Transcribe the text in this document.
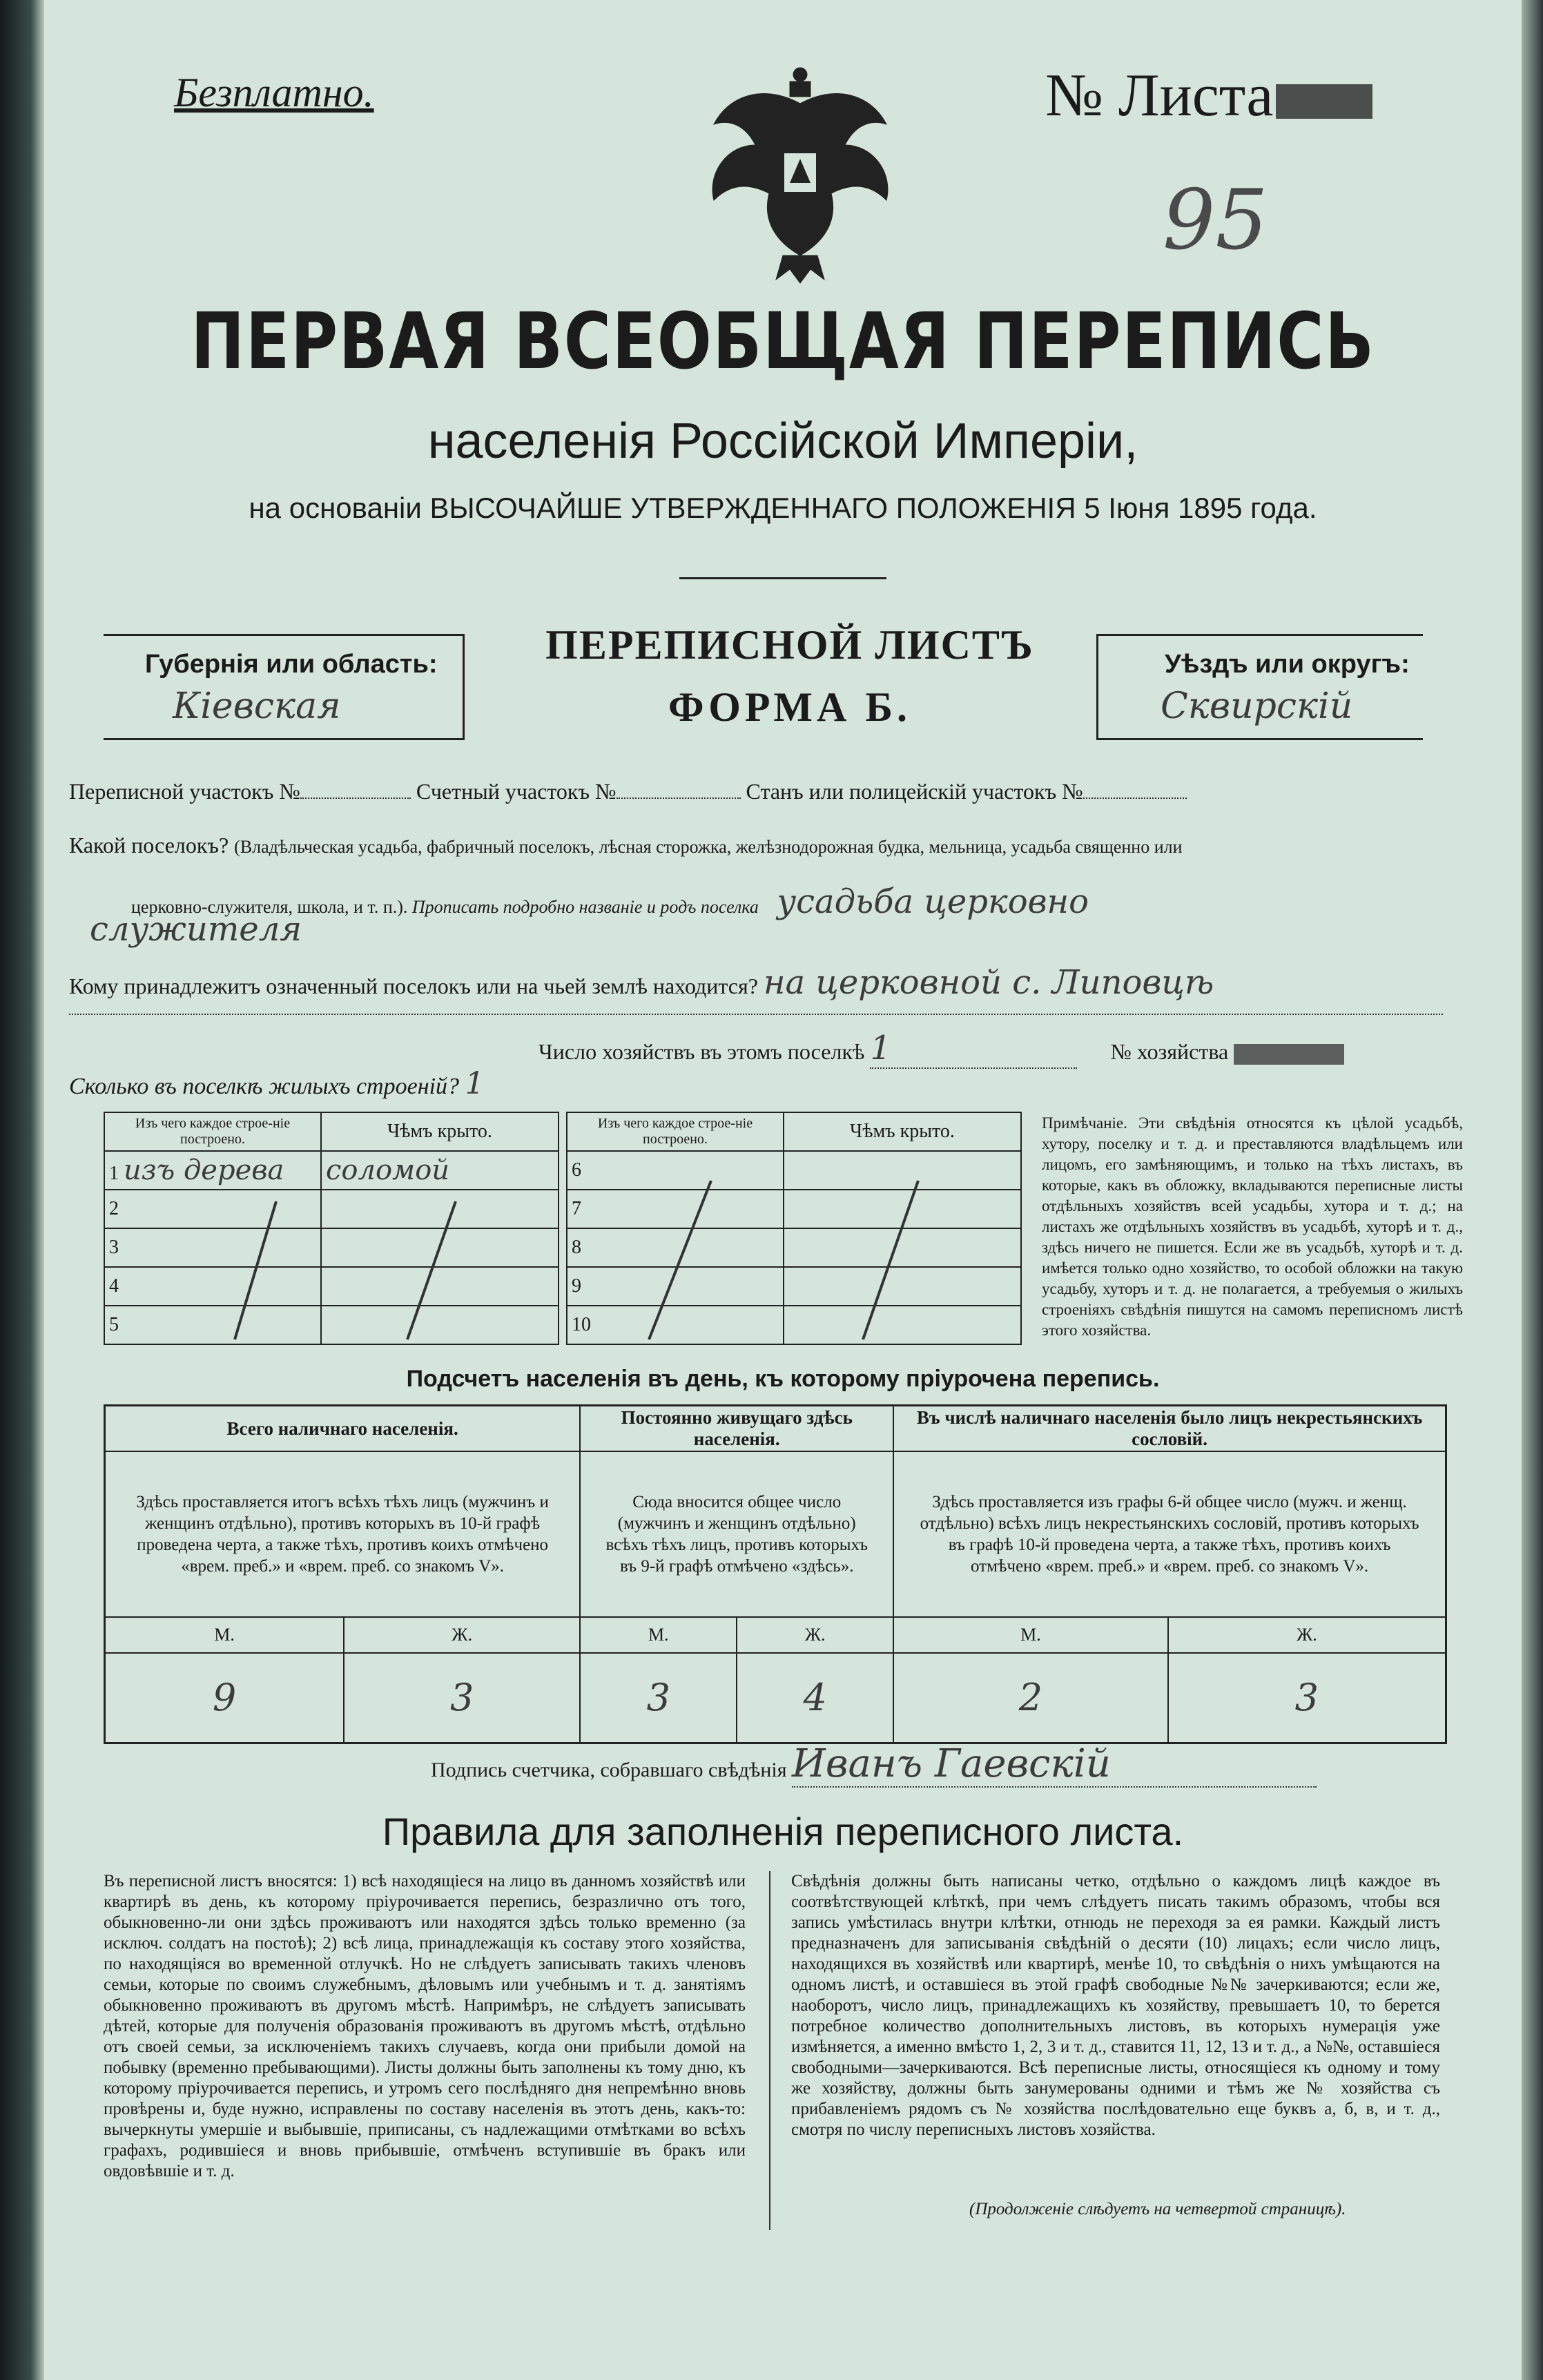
Безплатно.	№ Листа
95
ПЕРВАЯ ВСЕОБЩАЯ ПЕРЕПИСЬ
населенія Россійской Имперіи,
на основаніи ВЫСОЧАЙШЕ УТВЕРЖДЕННАГО ПОЛОЖЕНІЯ 5 Іюня 1895 года.
Губернія или область:
Кіевская
Уѣздъ или округъ:
Сквирскій
ПЕРЕПИСНОЙ ЛИСТЪ
ФОРМА Б.
Переписной участокъ №	Счетный участокъ №	Станъ или полицейскій участокъ №
Какой поселокъ? (Владѣльческая усадьба, фабричный поселокъ, лѣсная сторожка, желѣзнодорожная будка, мельница, усадьба священно или
церковно-служителя, школа, и т. п.). Прописать подробно названіе и родъ поселка усадьба церковно
служителя
Кому принадлежитъ означенный поселокъ или на чьей землѣ находится? на церковной с. Липовцѣ
Число хозяйствъ въ этомъ поселкѣ 1	№ хозяйства
Сколько въ поселкѣ жилыхъ строеній? 1
Изъ чего каждое строе-ніе построено.	Чѣмъ крыто.
1 изъ дерева	соломой
2	
3	
4	
5	
Изъ чего каждое строе-ніе построено.	Чѣмъ крыто.
6	
7	
8	
9	
10	
Примѣчаніе. Эти свѣдѣнія относятся къ цѣлой усадьбѣ, хутору, поселку и т. д. и преставляются владѣльцемъ или лицомъ, его замѣняющимъ, и только на тѣхъ листахъ, въ которые, какъ въ обложку, вкладываются переписные листы отдѣльныхъ хозяйствъ всей усадьбы, хутора и т. д.; на листахъ же отдѣльныхъ хозяйствъ въ усадьбѣ, хуторѣ и т. д., здѣсь ничего не пишется. Если же въ усадьбѣ, хуторѣ и т. д. имѣется только одно хозяйство, то особой обложки на такую усадьбу, хуторъ и т. д. не полагается, а требуемыя о жилыхъ строеніяхъ свѣдѣнія пишутся на самомъ переписномъ листѣ этого хозяйства.
Подсчетъ населенія въ день, къ которому пріурочена перепись.
Всего наличнаго населенія.		Постоянно живущаго здѣсь населенія.		Въ числѣ наличнаго населенія было лицъ некрестьянскихъ сословій.	
Здѣсь проставляется итогъ всѣхъ тѣхъ лицъ (мужчинъ и женщинъ отдѣльно), противъ которыхъ въ 10-й графѣ проведена черта, а также тѣхъ, противъ коихъ отмѣчено «врем. преб.» и «врем. преб. со знакомъ V».		Сюда вносится общее число (мужчинъ и женщинъ отдѣльно) всѣхъ тѣхъ лицъ, противъ которыхъ въ 9-й графѣ отмѣчено «здѣсь».		Здѣсь проставляется изъ графы 6-й общее число (мужч. и женщ. отдѣльно) всѣхъ лицъ некрестьянскихъ сословій, противъ которыхъ въ графѣ 10-й проведена черта, а также тѣхъ, противъ коихъ отмѣчено «врем. преб.» и «врем. преб. со знакомъ V».	
М.	Ж.	М.	Ж.	М.	Ж.
9	3	3	4	2	3
Подпись счетчика, собравшаго свѣдѣнія Иванъ Гаевскій
Правила для заполненія переписного листа.
Въ переписной листъ вносятся: 1) всѣ находящіеся на лицо въ данномъ хозяйствѣ или квартирѣ въ день, къ которому пріурочивается перепись, безразлично отъ того, обыкновенно-ли они здѣсь проживаютъ или находятся здѣсь только временно (за исключ. солдатъ на постоѣ); 2) всѣ лица, принадлежащія къ составу этого хозяйства, по находящіяся во временной отлучкѣ. Но не слѣдуетъ записывать такихъ членовъ семьи, которые по своимъ служебнымъ, дѣловымъ или учебнымъ и т. д. занятіямъ обыкновенно проживаютъ въ другомъ мѣстѣ. Напримѣръ, не слѣдуетъ записывать дѣтей, которые для полученія образованія проживаютъ въ другомъ мѣстѣ, отдѣльно отъ своей семьи, за исключеніемъ такихъ случаевъ, когда они прибыли домой на побывку (временно пребывающими). Листы должны быть заполнены къ тому дню, къ которому пріурочивается перепись, и утромъ сего послѣдняго дня непремѣнно вновь провѣрены и, буде нужно, исправлены по составу населенія въ этотъ день, какъ-то: вычеркнуты умершіе и выбывшіе, приписаны, съ надлежащими отмѣтками во всѣхъ графахъ, родившіеся и вновь прибывшіе, отмѣченъ вступившіе въ бракъ или овдовѣвшіе и т. д.
Свѣдѣнія должны быть написаны четко, отдѣльно о каждомъ лицѣ каждое въ соотвѣтствующей клѣткѣ, при чемъ слѣдуетъ писать такимъ образомъ, чтобы вся запись умѣстилась внутри клѣтки, отнюдь не переходя за ея рамки. Каждый листъ предназначенъ для записыванія свѣдѣній о десяти (10) лицахъ; если число лицъ, находящихся въ хозяйствѣ или квартирѣ, менѣе 10, то свѣдѣнія о нихъ умѣщаются на одномъ листѣ, и оставшіеся въ этой графѣ свободные №№ зачеркиваются; если же, наоборотъ, число лицъ, принадлежащихъ къ хозяйству, превышаетъ 10, то берется потребное количество дополнительныхъ листовъ, въ которыхъ нумерація уже измѣняется, а именно вмѣсто 1, 2, 3 и т. д., ставится 11, 12, 13 и т. д., а №№, оставшіеся свободными—зачеркиваются. Всѣ переписные листы, относящіеся къ одному и тому же хозяйству, должны быть занумерованы одними и тѣмъ же № хозяйства съ прибавленіемъ рядомъ съ № хозяйства послѣдовательно еще буквъ а, б, в, и т. д., смотря по числу переписныхъ листовъ хозяйства.
(Продолженіе слѣдуетъ на четвертой страницѣ).
